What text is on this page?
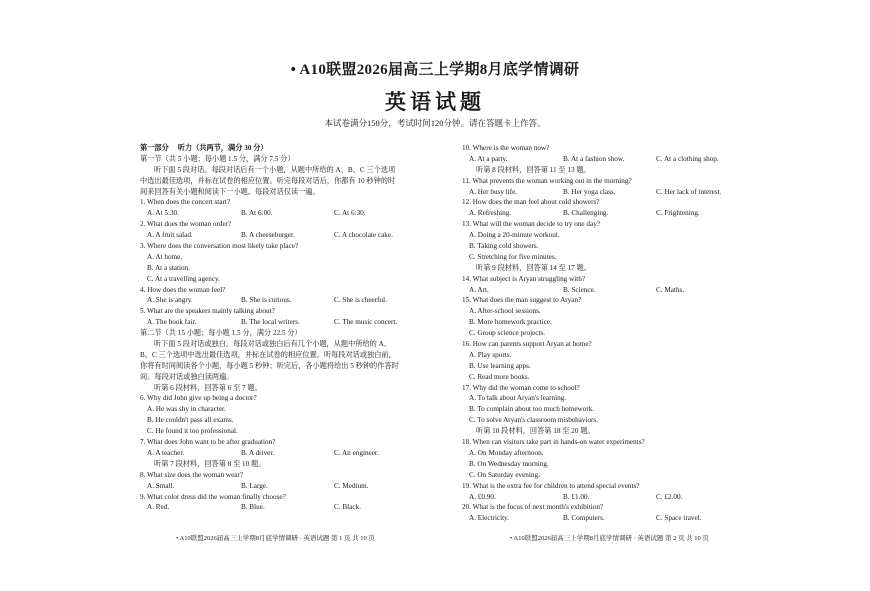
• A10联盟2026届高三上学期8月底学情调研
英语试题
本试卷满分150分，考试时间120分钟。请在答题卡上作答。
第一部分　 听力（共两节，满分 30 分）
第一节（共 5 小题；每小题 1.5 分，满分 7.5 分）
听下面 5 段对话。每段对话后有一个小题，从题中所给的 A、B、C 三个选项
中选出最佳选项，并标在试卷的相应位置。听完每段对话后，你都有 10 秒钟的时
间来回答有关小题和阅读下一小题。每段对话仅读一遍。
1. When does the concert start?
A. At 5:30.	B. At 6:00.	C. At 6:30.
2. What does the woman order?
A. A fruit salad.	B. A cheeseburger.	C. A chocolate cake.
3. Where does the conversation most likely take place?
A. At home.
B. At a station.
C. At a travelling agency.
4. How does the woman feel?
A. She is angry.	B. She is curious.	C. She is cheerful.
5. What are the speakers mainly talking about?
A. The book fair.	B. The local writers.	C. The music concert.
第二节（共 15 小题；每小题 1.5 分，满分 22.5 分）
听下面 5 段对话或独白。每段对话或独白后有几个小题，从题中所给的 A、
B、C 三个选项中选出最佳选项，并标在试卷的相应位置。听每段对话或独白前，
你将有时间阅读各个小题，每小题 5 秒钟；听完后，各小题将给出 5 秒钟的作答时
间。每段对话或独白读两遍。
听第 6 段材料，回答第 6 至 7 题。
6. Why did John give up being a doctor?
A. He was shy in character.
B. He couldn't pass all exams.
C. He found it too professional.
7. What does John want to be after graduation?
A. A teacher.	B. A driver.	C. An engineer.
听第 7 段材料，回答第 8 至 10 题。
8. What size does the woman wear?
A. Small.	B. Large.	C. Medium.
9. What color dress did the woman finally choose?
A. Red.	B. Blue.	C. Black.
10. Where is the woman now?
A. At a party.	B. At a fashion show.	C. At a clothing shop.
听第 8 段材料，回答第 11 至 13 题。
11. What prevents the woman working out in the morning?
A. Her busy life.	B. Her yoga class.	C. Her lack of interest.
12. How does the man feel about cold showers?
A. Refreshing.	B. Challenging.	C. Frightening.
13. What will the woman decide to try one day?
A. Doing a 20-minute workout.
B. Taking cold showers.
C. Stretching for five minutes.
听第 9 段材料，回答第 14 至 17 题。
14. What subject is Aryan struggling with?
A. Art.	B. Science.	C. Maths.
15. What does the man suggest to Aryan?
A. After-school sessions.
B. More homework practice.
C. Group science projects.
16. How can parents support Aryan at home?
A. Play sports.
B. Use learning apps.
C. Read more books.
17. Why did the woman come to school?
A. To talk about Aryan's learning.
B. To complain about too much homework.
C. To solve Aryan's classroom misbehaviors.
听第 10 段材料，回答第 18 至 20 题。
18. When can visitors take part in hands-on water experiments?
A. On Monday afternoon.
B. On Wednesday morning.
C. On Saturday evening.
19. What is the extra fee for children to attend special events?
A. £0.90.	B. £1.00.	C. £2.00.
20. What is the focus of next month's exhibition?
A. Electricity.	B. Computers.	C. Space travel.
• A10联盟2026届高三上学期8月底学情调研 · 英语试题 第 1 页 共 10 页	• A10联盟2026届高三上学期8月底学情调研 · 英语试题 第 2 页 共 10 页
